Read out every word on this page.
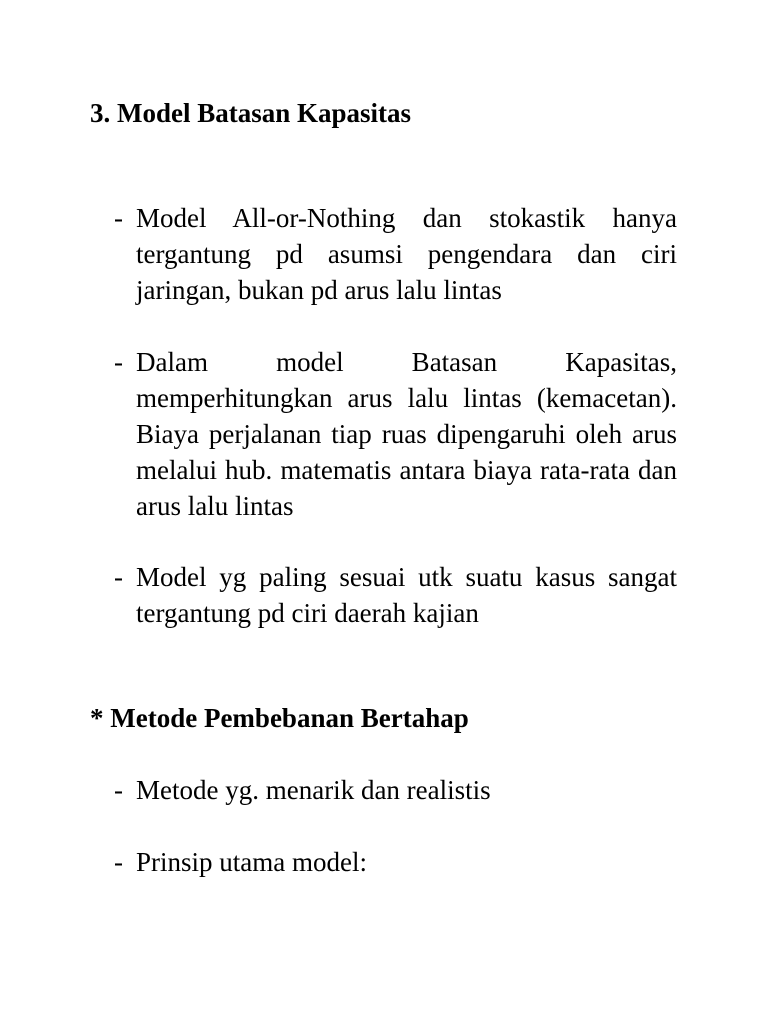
3. Model Batasan Kapasitas
- Model All-or-Nothing dan stokastik hanya tergantung pd asumsi pengendara dan ciri jaringan, bukan pd arus lalu lintas
- Dalam model Batasan Kapasitas, memperhitungkan arus lalu lintas (kemacetan). Biaya perjalanan tiap ruas dipengaruhi oleh arus melalui hub. matematis antara biaya rata-rata dan arus lalu lintas
- Model yg paling sesuai utk suatu kasus sangat tergantung pd ciri daerah kajian
* Metode Pembebanan Bertahap
- Metode yg. menarik dan realistis
- Prinsip utama model:
